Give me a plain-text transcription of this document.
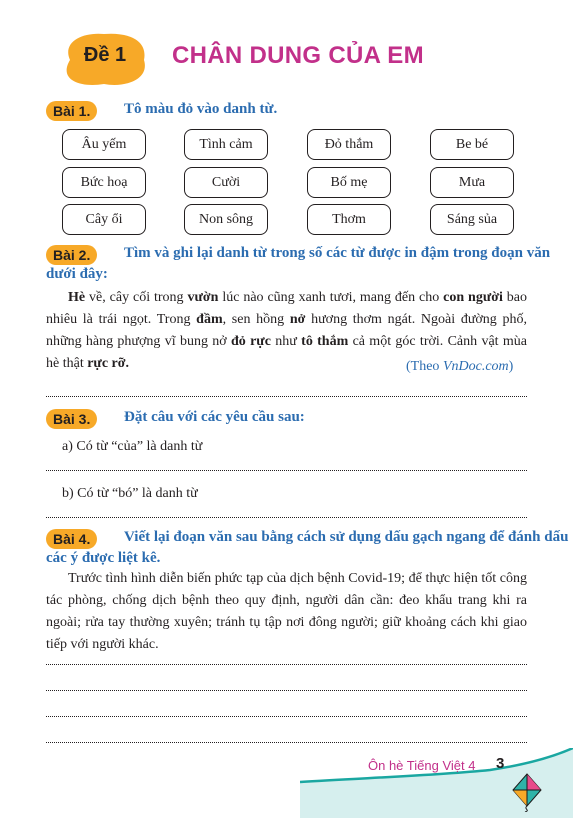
Đề 1	CHÂN DUNG CỦA EM
Bài 1.	Tô màu đỏ vào danh từ.
Âu yếm	Tình cảm	Đỏ thắm	Be bé
Bức hoạ	Cười	Bố mẹ	Mưa
Cây ổi	Non sông	Thơm	Sáng sủa
Bài 2.	Tìm và ghi lại danh từ trong số các từ được in đậm trong đoạn văn
dưới đây:
Hè về, cây cối trong vườn lúc nào cũng xanh tươi, mang đến cho con người bao nhiêu là trái ngọt. Trong đầm, sen hồng nở hương thơm ngát. Ngoài đường phố, những hàng phượng vĩ bung nở đỏ rực như tô thắm cả một góc trời. Cảnh vật mùa hè thật rực rỡ.	(Theo VnDoc.com)
Bài 3.	Đặt câu với các yêu cầu sau:
a) Có từ “của” là danh từ
b) Có từ “bó” là danh từ
Bài 4.	Viết lại đoạn văn sau bằng cách sử dụng dấu gạch ngang để đánh dấu
các ý được liệt kê.
Trước tình hình diễn biến phức tạp của dịch bệnh Covid-19; để thực hiện tốt công tác phòng, chống dịch bệnh theo quy định, người dân cần: đeo khẩu trang khi ra ngoài; rửa tay thường xuyên; tránh tụ tập nơi đông người; giữ khoảng cách khi giao tiếp với người khác.
Ôn hè Tiếng Việt 4 3
